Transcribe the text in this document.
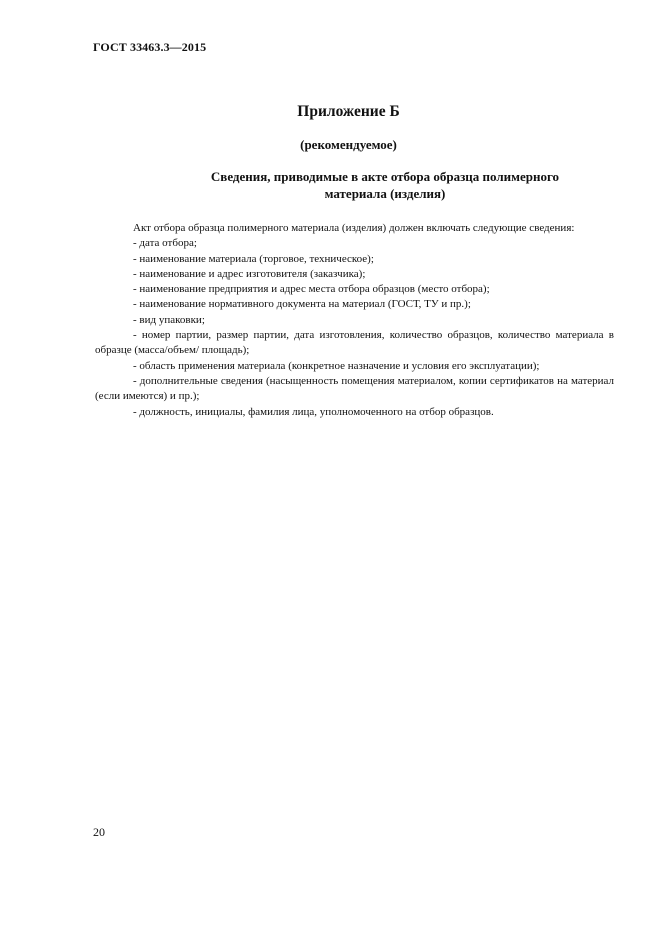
ГОСТ 33463.3—2015
Приложение Б
(рекомендуемое)
Сведения, приводимые в акте отбора образца полимерного
материала (изделия)

Акт отбора образца полимерного материала (изделия) должен включать следующие сведения:

- дата отбора;

- наименование материала (торговое, техническое);

- наименование и адрес изготовителя (заказчика);

- наименование предприятия и адрес места отбора образцов (место отбора);

- наименование нормативного документа на материал (ГОСТ, ТУ и пр.);

- вид упаковки;

- номер партии, размер партии, дата изготовления, количество образцов, количество материала в образце (масса/объем/ площадь);

- область применения материала (конкретное назначение и условия его эксплуатации);

- дополнительные сведения (насыщенность помещения материалом, копии сертификатов на материал (если имеются) и пр.);

- должность, инициалы, фамилия лица, уполномоченного на отбор образцов.

20
